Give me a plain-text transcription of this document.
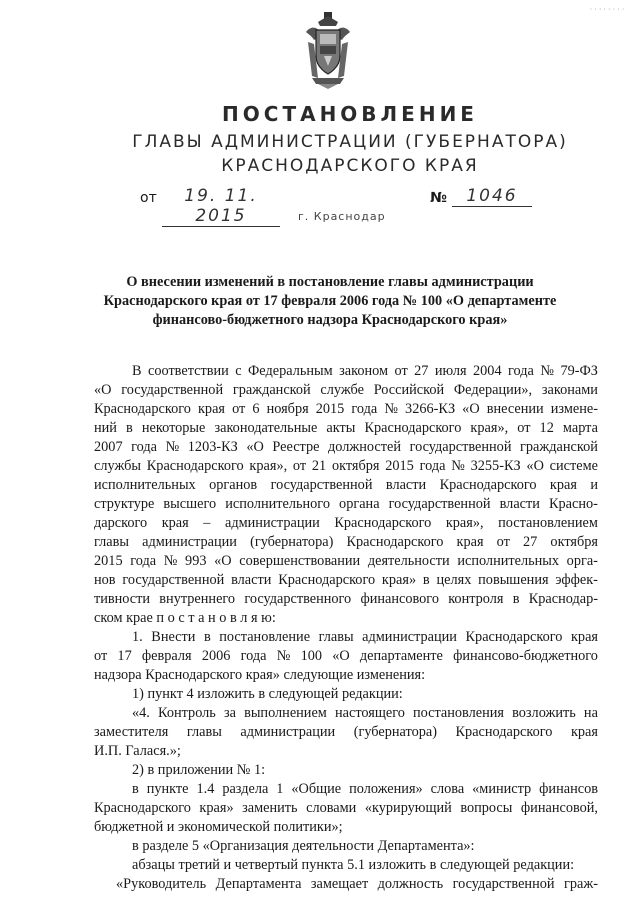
········
ПОСТАНОВЛЕНИЕ
ГЛАВЫ АДМИНИСТРАЦИИ (ГУБЕРНАТОРА)
КРАСНОДАРСКОГО КРАЯ
от	19. 11. 2015
№	1046
г. Краснодар
О внесении изменений в постановление главы администрации
Краснодарского края от 17 февраля 2006 года № 100 «О департаменте
финансово-бюджетного надзора Краснодарского края»
В соответствии с Федеральным законом от 27 июля 2004 года № 79-ФЗ
«О государственной гражданской службе Российской Федерации», законами
Краснодарского края от 6 ноября 2015 года № 3266-КЗ «О внесении измене-
ний в некоторые законодательные акты Краснодарского края», от 12 марта
2007 года № 1203-КЗ «О Реестре должностей государственной гражданской
службы Краснодарского края», от 21 октября 2015 года № 3255-КЗ «О системе
исполнительных органов государственной власти Краснодарского края и
структуре высшего исполнительного органа государственной власти Красно-
дарского края – администрации Краснодарского края», постановлением
главы администрации (губернатора) Краснодарского края от 27 октября
2015 года № 993 «О совершенствовании деятельности исполнительных орга-
нов государственной власти Краснодарского края» в целях повышения эффек-
тивности внутреннего государственного финансового контроля в Краснодар-
ском крае п о с т а н о в л я ю:
1. Внести в постановление главы администрации Краснодарского края
от 17 февраля 2006 года № 100 «О департаменте финансово-бюджетного
надзора Краснодарского края» следующие изменения:
1) пункт 4 изложить в следующей редакции:
«4. Контроль за выполнением настоящего постановления возложить на
заместителя главы администрации (губернатора) Краснодарского края
И.П. Галася.»;
2) в приложении № 1:
в пункте 1.4 раздела 1 «Общие положения» слова «министр финансов
Краснодарского края» заменить словами «курирующий вопросы финансовой,
бюджетной и экономической политики»;
в разделе 5 «Организация деятельности Департамента»:
абзацы третий и четвертый пункта 5.1 изложить в следующей редакции:
«Руководитель Департамента замещает должность государственной граж-
